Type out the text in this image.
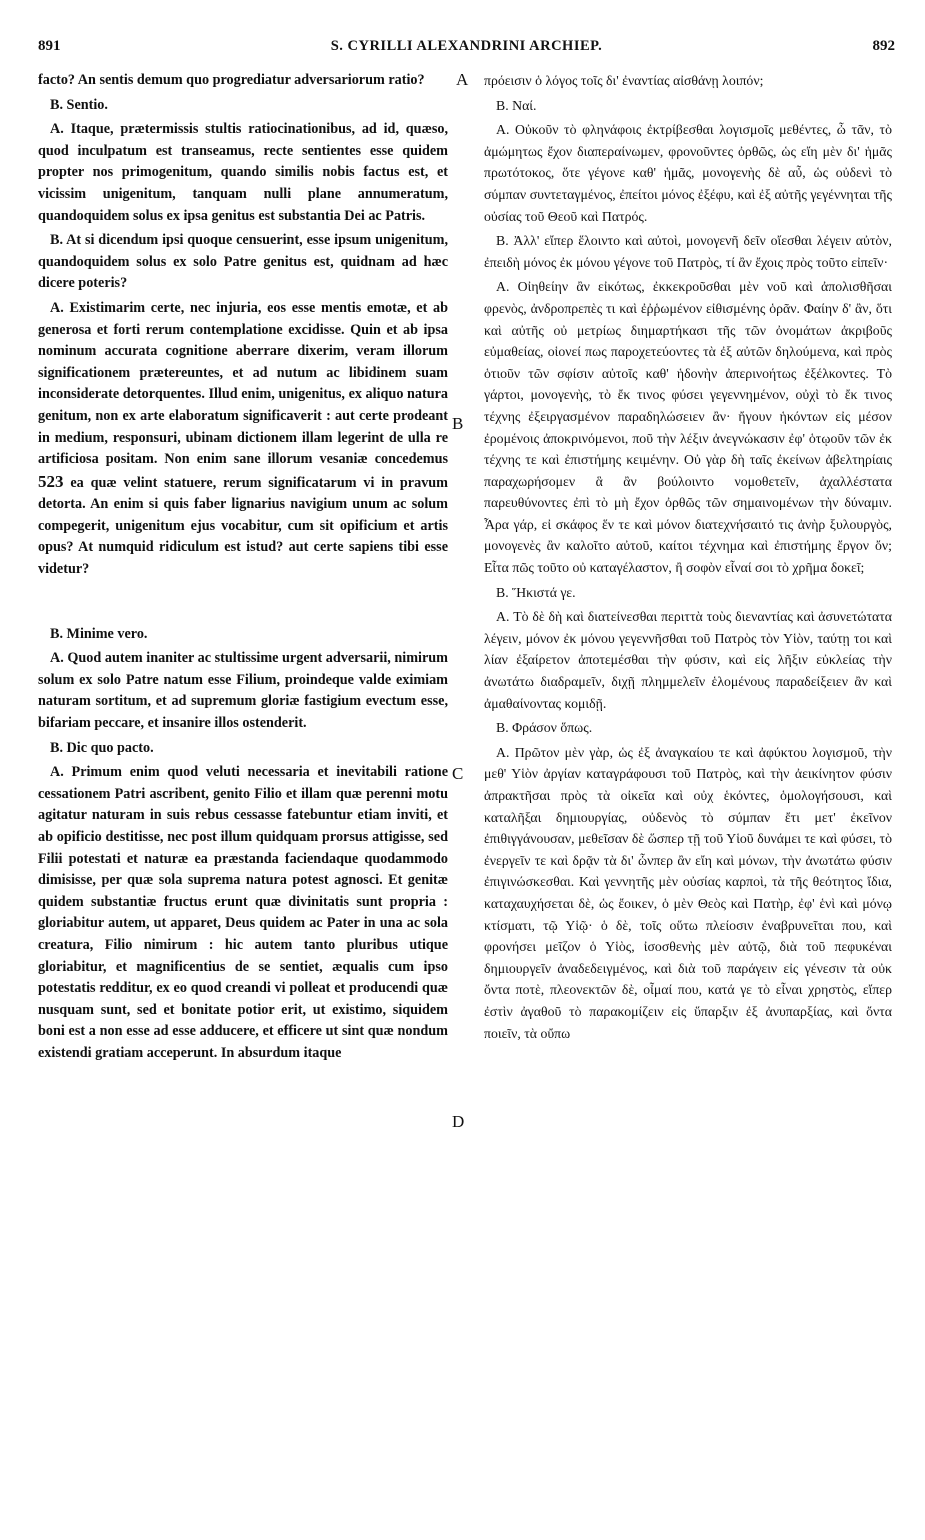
891	S. CYRILLI ALEXANDRINI ARCHIEP.	892
A
B
C
D

facto? An sentis demum quo progrediatur adversariorum ratio?

B. Sentio.

A. Itaque, prætermissis stultis ratiocinationibus, ad id, quæso, quod inculpatum est transeamus, recte sentientes esse quidem propter nos primogenitum, quando similis nobis factus est, et vicissim unigenitum, tanquam nulli plane annumeratum, quandoquidem solus ex ipsa genitus est substantia Dei ac Patris.

B. At si dicendum ipsi quoque censuerint, esse ipsum unigenitum, quandoquidem solus ex solo Patre genitus est, quidnam ad hæc dicere poteris?

A. Existimarim certe, nec injuria, eos esse mentis emotæ, et ab generosa et forti rerum contemplatione excidisse. Quin et ab ipsa nominum accurata cognitione aberrare dixerim, veram illorum significationem prætereuntes, et ad nutum ac libidinem suam inconsiderate detorquentes. Illud enim, unigenitus, ex aliquo natura genitum, non ex arte elaboratum significaverit : aut certe prodeant in medium, responsuri, ubinam dictionem illam legerint de ulla re artificiosa positam. Non enim sane illorum vesaniæ concedemus 523 ea quæ velint statuere, rerum significatarum vi in pravum detorta. An enim si quis faber lignarius navigium unum ac solum compegerit, unigenitum ejus vocabitur, cum sit opificium et artis opus? At numquid ridiculum est istud? aut certe sapiens tibi esse videtur?

B. Minime vero.

A. Quod autem inaniter ac stultissime urgent adversarii, nimirum solum ex solo Patre natum esse Filium, proindeque valde eximiam naturam sortitum, et ad supremum gloriæ fastigium evectum esse, bifariam peccare, et insanire illos ostenderit.

B. Dic quo pacto.

A. Primum enim quod veluti necessaria et inevitabili ratione cessationem Patri ascribent, genito Filio et illam quæ perenni motu agitatur naturam in suis rebus cessasse fatebuntur etiam inviti, et ab opificio destitisse, nec post illum quidquam prorsus attigisse, sed Filii potestati et naturæ ea præstanda faciendaque quodammodo dimisisse, per quæ sola suprema natura potest agnosci. Et genitæ quidem substantiæ fructus erunt quæ divinitatis sunt propria : gloriabitur autem, ut apparet, Deus quidem ac Pater in una ac sola creatura, Filio nimirum : hic autem tanto pluribus utique gloriabitur, et magnificentius de se sentiet, æqualis cum ipso potestatis redditur, ex eo quod creandi vi polleat et producendi quæ nusquam sunt, sed et bonitate potior erit, ut existimo, siquidem boni est a non esse ad esse adducere, et efficere ut sint quæ nondum existendi gratiam acceperunt. In absurdum itaque

πρόεισιν ὁ λόγος τοῖς δι' ἐναντίας αἰσθάνῃ λοιπόν;

B. Ναί.

A. Οὐκοῦν τὸ φληνάφοις ἐκτρίβεσθαι λογισμοῖς μεθέντες, ὦ τᾶν, τὸ ἀμώμητως ἔχον διαπεραίνωμεν, φρονοῦντες ὀρθῶς, ὡς εἴη μὲν δι' ἡμᾶς πρωτότοκος, ὅτε γέγονε καθ' ἡμᾶς, μονογενὴς δὲ αὖ, ὡς οὐδενὶ τὸ σύμπαν συντεταγμένος, ἐπείτοι μόνος ἐξέφυ, καὶ ἐξ αὐτῆς γεγέννηται τῆς οὐσίας τοῦ Θεοῦ καὶ Πατρός.

B. Ἀλλ' εἴπερ ἕλοιντο καὶ αὐτοὶ, μονογενῆ δεῖν οἴεσθαι λέγειν αὐτὸν, ἐπειδὴ μόνος ἐκ μόνου γέγονε τοῦ Πατρὸς, τί ἂν ἔχοις πρὸς τοῦτο εἰπεῖν·

A. Οἰηθείην ἂν εἰκότως, ἐκκεκροῦσθαι μὲν νοῦ καὶ ἀπολισθῆσαι φρενὸς, ἀνδροπρεπὲς τι καὶ ἐῤῥωμένον εἰθισμένης ὁρᾶν. Φαίην δ' ἂν, ὅτι καὶ αὐτῆς οὐ μετρίως διημαρτήκασι τῆς τῶν ὀνομάτων ἀκριβοῦς εὐμαθείας, οἱονεί πως παροχετεύοντες τὰ ἐξ αὐτῶν δηλούμενα, καὶ πρὸς ὁτιοῦν τῶν σφίσιν αὐτοῖς καθ' ἡδονὴν ἀπερινοήτως ἐξέλκοντες. Τὸ γάρτοι, μονογενὴς, τὸ ἔκ τινος φύσει γεγεννημένον, οὐχὶ τὸ ἔκ τινος τέχνης ἐξειργασμένον παραδηλώσειεν ἂν· ἤγουν ἡκόντων εἰς μέσον ἐρομένοις ἀποκρινόμενοι, ποῦ τὴν λέξιν ἀνεγνώκασιν ἐφ' ὁτῳοῦν τῶν ἐκ τέχνης τε καὶ ἐπιστήμης κειμένην. Οὐ γὰρ δὴ ταῖς ἐκείνων ἀβελτηρίαις παραχωρήσομεν ἃ ἂν βούλοιντο νομοθετεῖν, ἀχαλλέστατα παρευθύνοντες ἐπὶ τὸ μὴ ἔχον ὀρθῶς τῶν σημαινομένων τὴν δύναμιν. Ἆρα γάρ, εἰ σκάφος ἕν τε καὶ μόνον διατεχνήσαιτό τις ἀνὴρ ξυλουργὸς, μονογενὲς ἂν καλοῖτο αὐτοῦ, καίτοι τέχνημα καὶ ἐπιστήμης ἔργον ὄν; Εἶτα πῶς τοῦτο οὐ καταγέλαστον, ἢ σοφὸν εἶναί σοι τὸ χρῆμα δοκεῖ;

B. Ἥκιστά γε.

A. Τὸ δὲ δὴ καὶ διατείνεσθαι περιττὰ τοὺς διεναντίας καὶ ἀσυνετώτατα λέγειν, μόνον ἐκ μόνου γεγεννῆσθαι τοῦ Πατρὸς τὸν Υἱὸν, ταύτῃ τοι καὶ λίαν ἐξαίρετον ἀποτεμέσθαι τὴν φύσιν, καὶ εἰς λῆξιν εὐκλείας τὴν ἀνωτάτω διαδραμεῖν, διχῇ πλημμελεῖν ἑλομένους παραδείξειεν ἂν καὶ ἀμαθαίνοντας κομιδῇ.

B. Φράσον ὅπως.

A. Πρῶτον μὲν γὰρ, ὡς ἐξ ἀναγκαίου τε καὶ ἀφύκτου λογισμοῦ, τὴν μεθ' Υἱὸν ἀργίαν καταγράφουσι τοῦ Πατρὸς, καὶ τὴν ἀεικίνητον φύσιν ἀπρακτῆσαι πρὸς τὰ οἰκεῖα καὶ οὐχ ἑκόντες, ὁμολογήσουσι, καὶ καταλῆξαι δημιουργίας, οὐδενὸς τὸ σύμπαν ἔτι μετ' ἐκεῖνον ἐπιθιγγάνουσαν, μεθεῖσαν δὲ ὥσπερ τῇ τοῦ Υἱοῦ δυνάμει τε καὶ φύσει, τὸ ἐνεργεῖν τε καὶ δρᾷν τὰ δι' ὧνπερ ἂν εἴη καὶ μόνων, τὴν ἀνωτάτω φύσιν ἐπιγινώσκεσθαι. Καὶ γεννητῆς μὲν οὐσίας καρποὶ, τὰ τῆς θεότητος ἴδια, καταχαυχήσεται δὲ, ὡς ἔοικεν, ὁ μὲν Θεὸς καὶ Πατὴρ, ἐφ' ἑνὶ καὶ μόνῳ κτίσματι, τῷ Υἱῷ· ὁ δὲ, τοῖς οὕτω πλείοσιν ἐναβρυνεῖται που, καὶ φρονήσει μεῖζον ὁ Υἱὸς, ἰσοσθενὴς μὲν αὐτῷ, διὰ τοῦ πεφυκέναι δημιουργεῖν ἀναδεδειγμένος, καὶ διὰ τοῦ παράγειν εἰς γένεσιν τὰ οὐκ ὄντα ποτὲ, πλεονεκτῶν δὲ, οἶμαί που, κατά γε τὸ εἶναι χρηστὸς, εἴπερ ἐστὶν ἀγαθοῦ τὸ παρακομίζειν εἰς ὕπαρξιν ἐξ ἀνυπαρξίας, καὶ ὄντα ποιεῖν, τὰ οὔπω
